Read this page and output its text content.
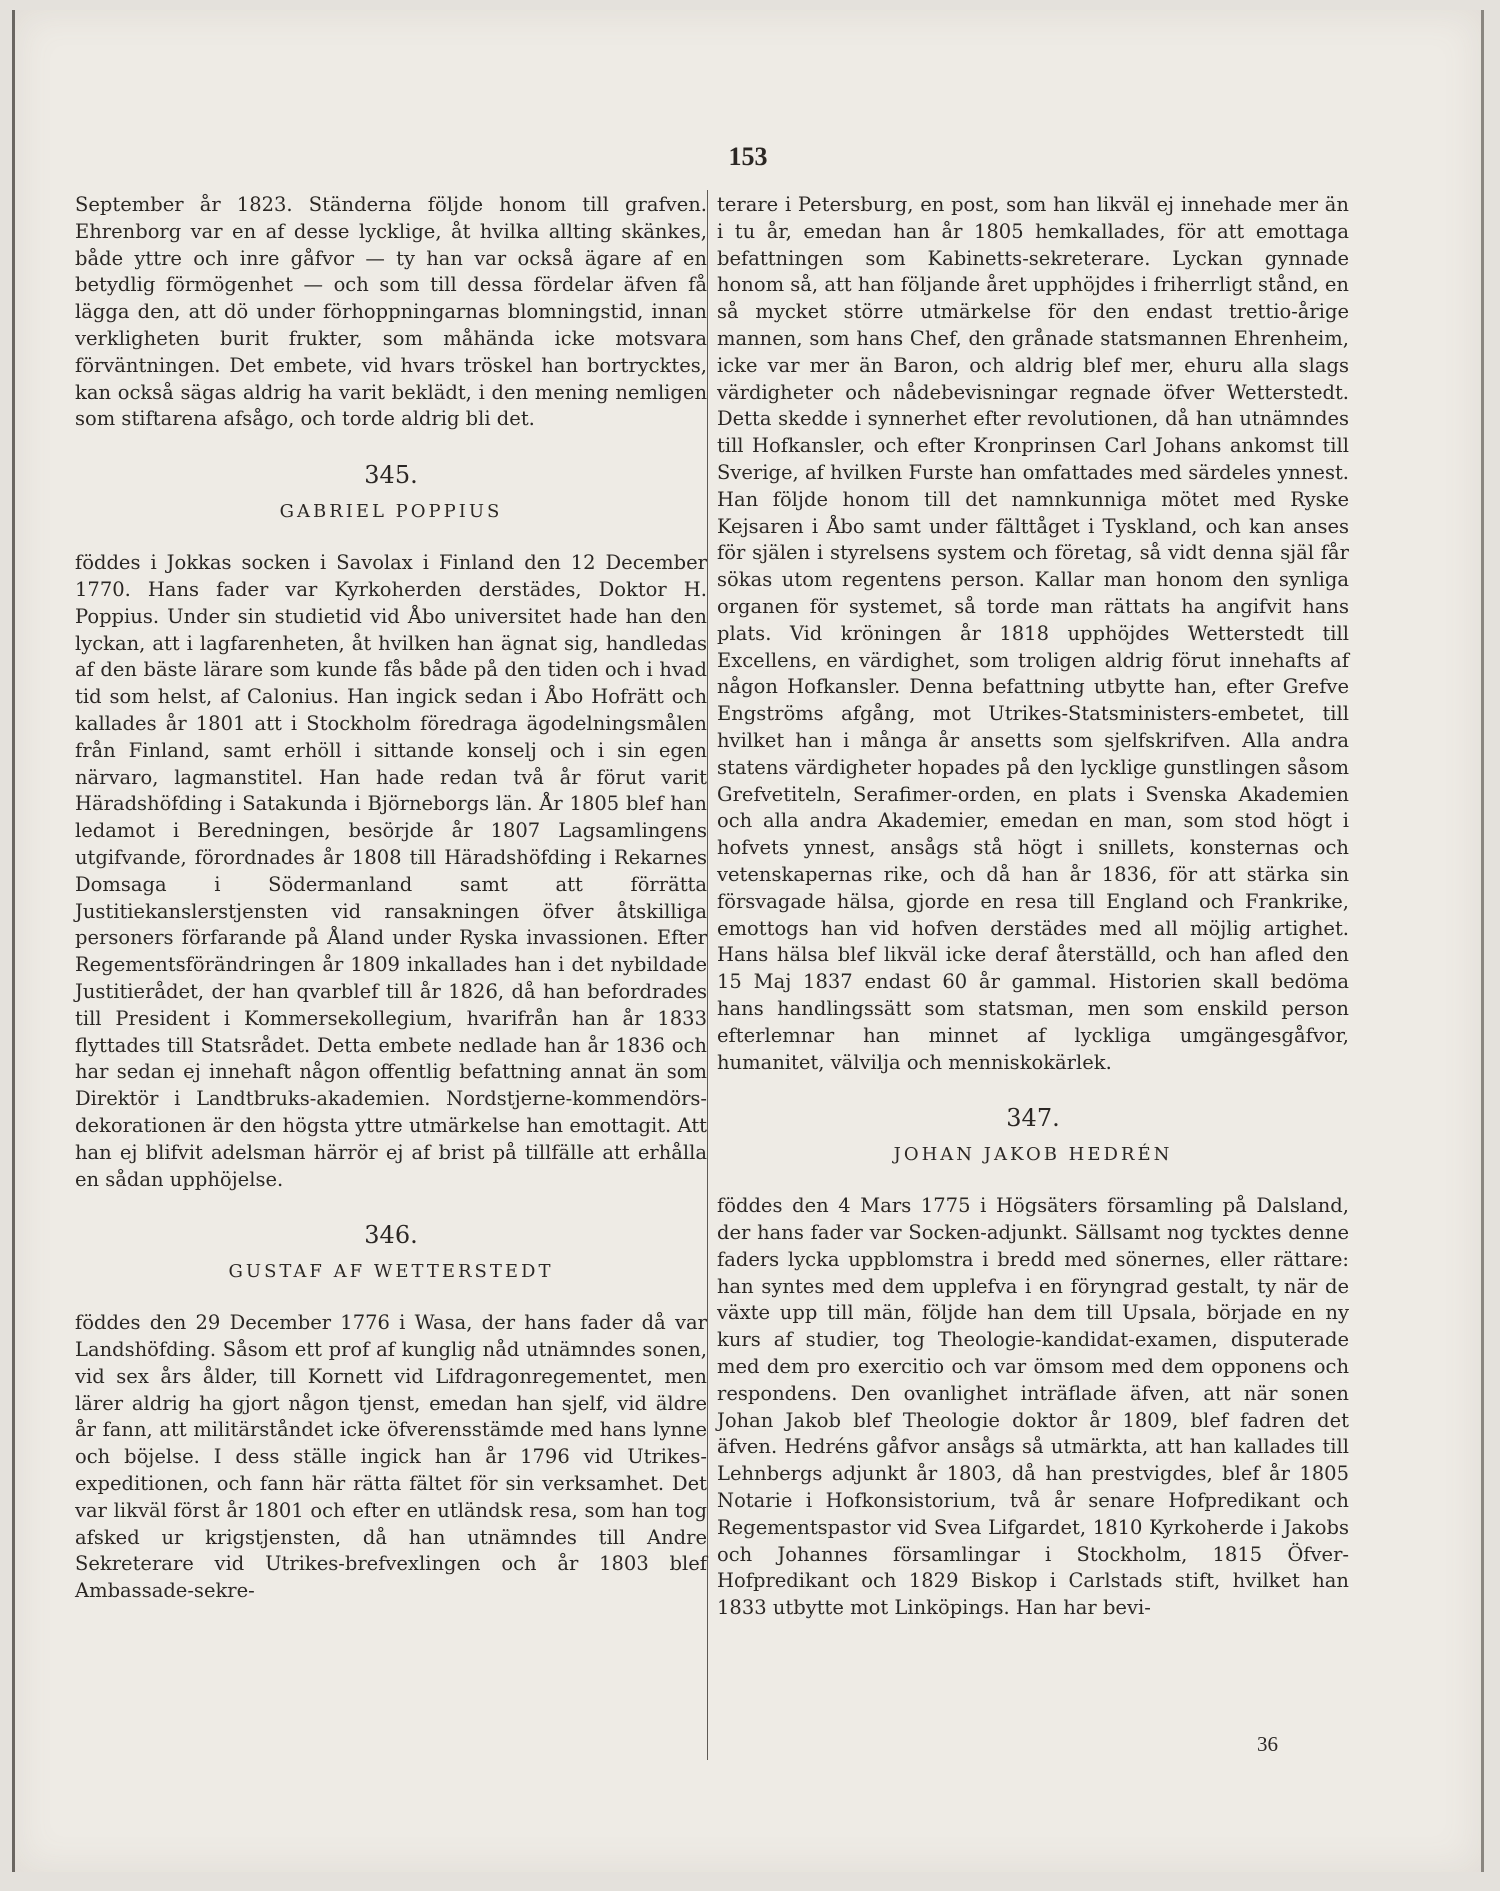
153

September år 1823. Ständerna följde honom till grafven. Ehrenborg var en af desse lycklige, åt hvilka allting skänkes, både yttre och inre gåfvor — ty han var också ägare af en betydlig förmögenhet — och som till dessa fördelar äfven få lägga den, att dö under förhoppningarnas blomningstid, innan verkligheten burit frukter, som måhända icke motsvara förväntningen. Det embete, vid hvars tröskel han bortrycktes, kan också sägas aldrig ha varit beklädt, i den mening nemligen som stiftarena afsågo, och torde aldrig bli det.

345.
GABRIEL POPPIUS

föddes i Jokkas socken i Savolax i Finland den 12 December 1770. Hans fader var Kyrkoherden derstädes, Doktor H. Poppius. Under sin studietid vid Åbo universitet hade han den lyckan, att i lagfarenheten, åt hvilken han ägnat sig, handledas af den bäste lärare som kunde fås både på den tiden och i hvad tid som helst, af Calonius. Han ingick sedan i Åbo Hofrätt och kallades år 1801 att i Stockholm föredraga ägodelningsmålen från Finland, samt erhöll i sittande konselj och i sin egen närvaro, lagmanstitel. Han hade redan två år förut varit Häradshöfding i Satakunda i Björneborgs län. År 1805 blef han ledamot i Beredningen, besörjde år 1807 Lagsamlingens utgifvande, förordnades år 1808 till Häradshöfding i Rekarnes Domsaga i Södermanland samt att förrätta Justitiekanslerstjensten vid ransakningen öfver åtskilliga personers förfarande på Åland under Ryska invassionen. Efter Regementsförändringen år 1809 inkallades han i det nybildade Justitierådet, der han qvarblef till år 1826, då han befordrades till President i Kommersekollegium, hvarifrån han år 1833 flyttades till Statsrådet. Detta embete nedlade han år 1836 och har sedan ej innehaft någon offentlig befattning annat än som Direktör i Landtbruks-akademien. Nordstjerne-kommendörs-dekorationen är den högsta yttre utmärkelse han emottagit. Att han ej blifvit adelsman härrör ej af brist på tillfälle att erhålla en sådan upphöjelse.

346.
GUSTAF AF WETTERSTEDT

föddes den 29 December 1776 i Wasa, der hans fader då var Landshöfding. Såsom ett prof af kunglig nåd utnämndes sonen, vid sex års ålder, till Kornett vid Lifdragonregementet, men lärer aldrig ha gjort någon tjenst, emedan han sjelf, vid äldre år fann, att militärståndet icke öfverensstämde med hans lynne och böjelse. I dess ställe ingick han år 1796 vid Utrikes-expeditionen, och fann här rätta fältet för sin verksamhet. Det var likväl först år 1801 och efter en utländsk resa, som han tog afsked ur krigstjensten, då han utnämndes till Andre Sekreterare vid Utrikes-brefvexlingen och år 1803 blef Ambassade-sekre-

terare i Petersburg, en post, som han likväl ej innehade mer än i tu år, emedan han år 1805 hemkallades, för att emottaga befattningen som Kabinetts-sekreterare. Lyckan gynnade honom så, att han följande året upphöjdes i friherrligt stånd, en så mycket större utmärkelse för den endast trettio-årige mannen, som hans Chef, den grånade statsmannen Ehrenheim, icke var mer än Baron, och aldrig blef mer, ehuru alla slags värdigheter och nådebevisningar regnade öfver Wetterstedt. Detta skedde i synnerhet efter revolutionen, då han utnämndes till Hofkansler, och efter Kronprinsen Carl Johans ankomst till Sverige, af hvilken Furste han omfattades med särdeles ynnest. Han följde honom till det namnkunniga mötet med Ryske Kejsaren i Åbo samt under fälttåget i Tyskland, och kan anses för själen i styrelsens system och företag, så vidt denna själ får sökas utom regentens person. Kallar man honom den synliga organen för systemet, så torde man rättats ha angifvit hans plats. Vid kröningen år 1818 upphöjdes Wetterstedt till Excellens, en värdighet, som troligen aldrig förut innehafts af någon Hofkansler. Denna befattning utbytte han, efter Grefve Engströms afgång, mot Utrikes-Statsministers-embetet, till hvilket han i många år ansetts som sjelfskrifven. Alla andra statens värdigheter hopades på den lycklige gunstlingen såsom Grefvetiteln, Serafimer-orden, en plats i Svenska Akademien och alla andra Akademier, emedan en man, som stod högt i hofvets ynnest, ansågs stå högt i snillets, konsternas och vetenskapernas rike, och då han år 1836, för att stärka sin försvagade hälsa, gjorde en resa till England och Frankrike, emottogs han vid hofven derstädes med all möjlig artighet. Hans hälsa blef likväl icke deraf återställd, och han afled den 15 Maj 1837 endast 60 år gammal. Historien skall bedöma hans handlingssätt som statsman, men som enskild person efterlemnar han minnet af lyckliga umgängesgåfvor, humanitet, välvilja och menniskokärlek.

347.
JOHAN JAKOB HEDRÉN

föddes den 4 Mars 1775 i Högsäters församling på Dalsland, der hans fader var Socken-adjunkt. Sällsamt nog tycktes denne faders lycka uppblomstra i bredd med sönernes, eller rättare: han syntes med dem upplefva i en föryngrad gestalt, ty när de växte upp till män, följde han dem till Upsala, började en ny kurs af studier, tog Theologie-kandidat-examen, disputerade med dem pro exercitio och var ömsom med dem opponens och respondens. Den ovanlighet inträflade äfven, att när sonen Johan Jakob blef Theologie doktor år 1809, blef fadren det äfven. Hedréns gåfvor ansågs så utmärkta, att han kallades till Lehnbergs adjunkt år 1803, då han prestvigdes, blef år 1805 Notarie i Hofkonsistorium, två år senare Hofpredikant och Regementspastor vid Svea Lifgardet, 1810 Kyrkoherde i Jakobs och Johannes församlingar i Stockholm, 1815 Öfver-Hofpredikant och 1829 Biskop i Carlstads stift, hvilket han 1833 utbytte mot Linköpings. Han har bevi-

36
